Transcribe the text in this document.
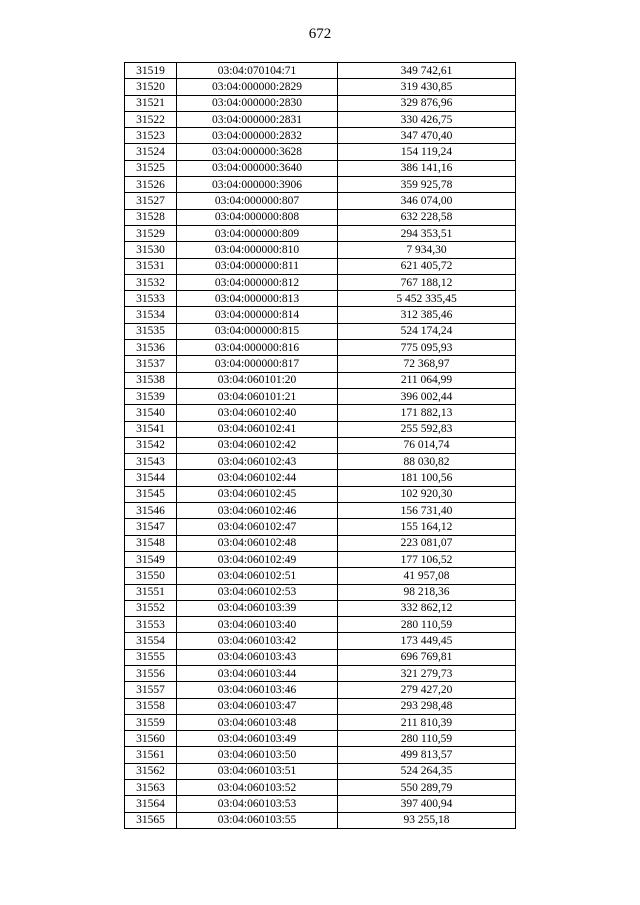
672
31519	03:04:070104:71	349 742,61
31520	03:04:000000:2829	319 430,85
31521	03:04:000000:2830	329 876,96
31522	03:04:000000:2831	330 426,75
31523	03:04:000000:2832	347 470,40
31524	03:04:000000:3628	154 119,24
31525	03:04:000000:3640	386 141,16
31526	03:04:000000:3906	359 925,78
31527	03:04:000000:807	346 074,00
31528	03:04:000000:808	632 228,58
31529	03:04:000000:809	294 353,51
31530	03:04:000000:810	7 934,30
31531	03:04:000000:811	621 405,72
31532	03:04:000000:812	767 188,12
31533	03:04:000000:813	5 452 335,45
31534	03:04:000000:814	312 385,46
31535	03:04:000000:815	524 174,24
31536	03:04:000000:816	775 095,93
31537	03:04:000000:817	72 368,97
31538	03:04:060101:20	211 064,99
31539	03:04:060101:21	396 002,44
31540	03:04:060102:40	171 882,13
31541	03:04:060102:41	255 592,83
31542	03:04:060102:42	76 014,74
31543	03:04:060102:43	88 030,82
31544	03:04:060102:44	181 100,56
31545	03:04:060102:45	102 920,30
31546	03:04:060102:46	156 731,40
31547	03:04:060102:47	155 164,12
31548	03:04:060102:48	223 081,07
31549	03:04:060102:49	177 106,52
31550	03:04:060102:51	41 957,08
31551	03:04:060102:53	98 218,36
31552	03:04:060103:39	332 862,12
31553	03:04:060103:40	280 110,59
31554	03:04:060103:42	173 449,45
31555	03:04:060103:43	696 769,81
31556	03:04:060103:44	321 279,73
31557	03:04:060103:46	279 427,20
31558	03:04:060103:47	293 298,48
31559	03:04:060103:48	211 810,39
31560	03:04:060103:49	280 110,59
31561	03:04:060103:50	499 813,57
31562	03:04:060103:51	524 264,35
31563	03:04:060103:52	550 289,79
31564	03:04:060103:53	397 400,94
31565	03:04:060103:55	93 255,18
